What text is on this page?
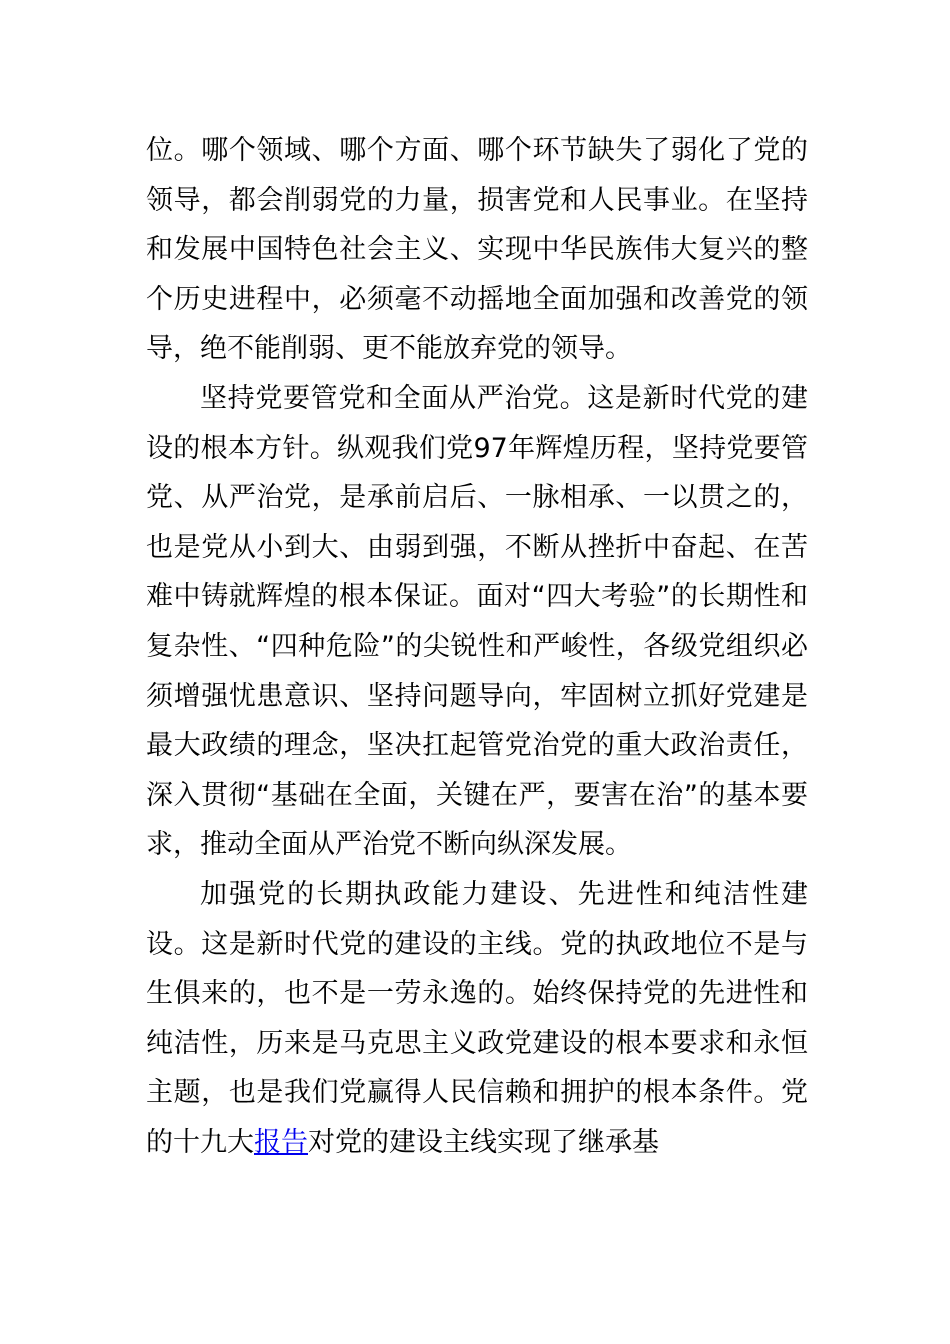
位。哪个领域、哪个方面、哪个环节缺失了弱化了党的领导，都会削弱党的力量，损害党和人民事业。在坚持和发展中国特色社会主义、实现中华民族伟大复兴的整个历史进程中，必须毫不动摇地全面加强和改善党的领导，绝不能削弱、更不能放弃党的领导。

坚持党要管党和全面从严治党。这是新时代党的建设的根本方针。纵观我们党97年辉煌历程，坚持党要管党、从严治党，是承前启后、一脉相承、一以贯之的，也是党从小到大、由弱到强，不断从挫折中奋起、在苦难中铸就辉煌的根本保证。面对“四大考验”的长期性和复杂性、“四种危险”的尖锐性和严峻性，各级党组织必须增强忧患意识、坚持问题导向，牢固树立抓好党建是最大政绩的理念，坚决扛起管党治党的重大政治责任，深入贯彻“基础在全面，关键在严，要害在治”的基本要求，推动全面从严治党不断向纵深发展。

加强党的长期执政能力建设、先进性和纯洁性建设。这是新时代党的建设的主线。党的执政地位不是与生俱来的，也不是一劳永逸的。始终保持党的先进性和纯洁性，历来是马克思主义政党建设的根本要求和永恒主题，也是我们党赢得人民信赖和拥护的根本条件。党的十九大报告对党的建设主线实现了继承基
